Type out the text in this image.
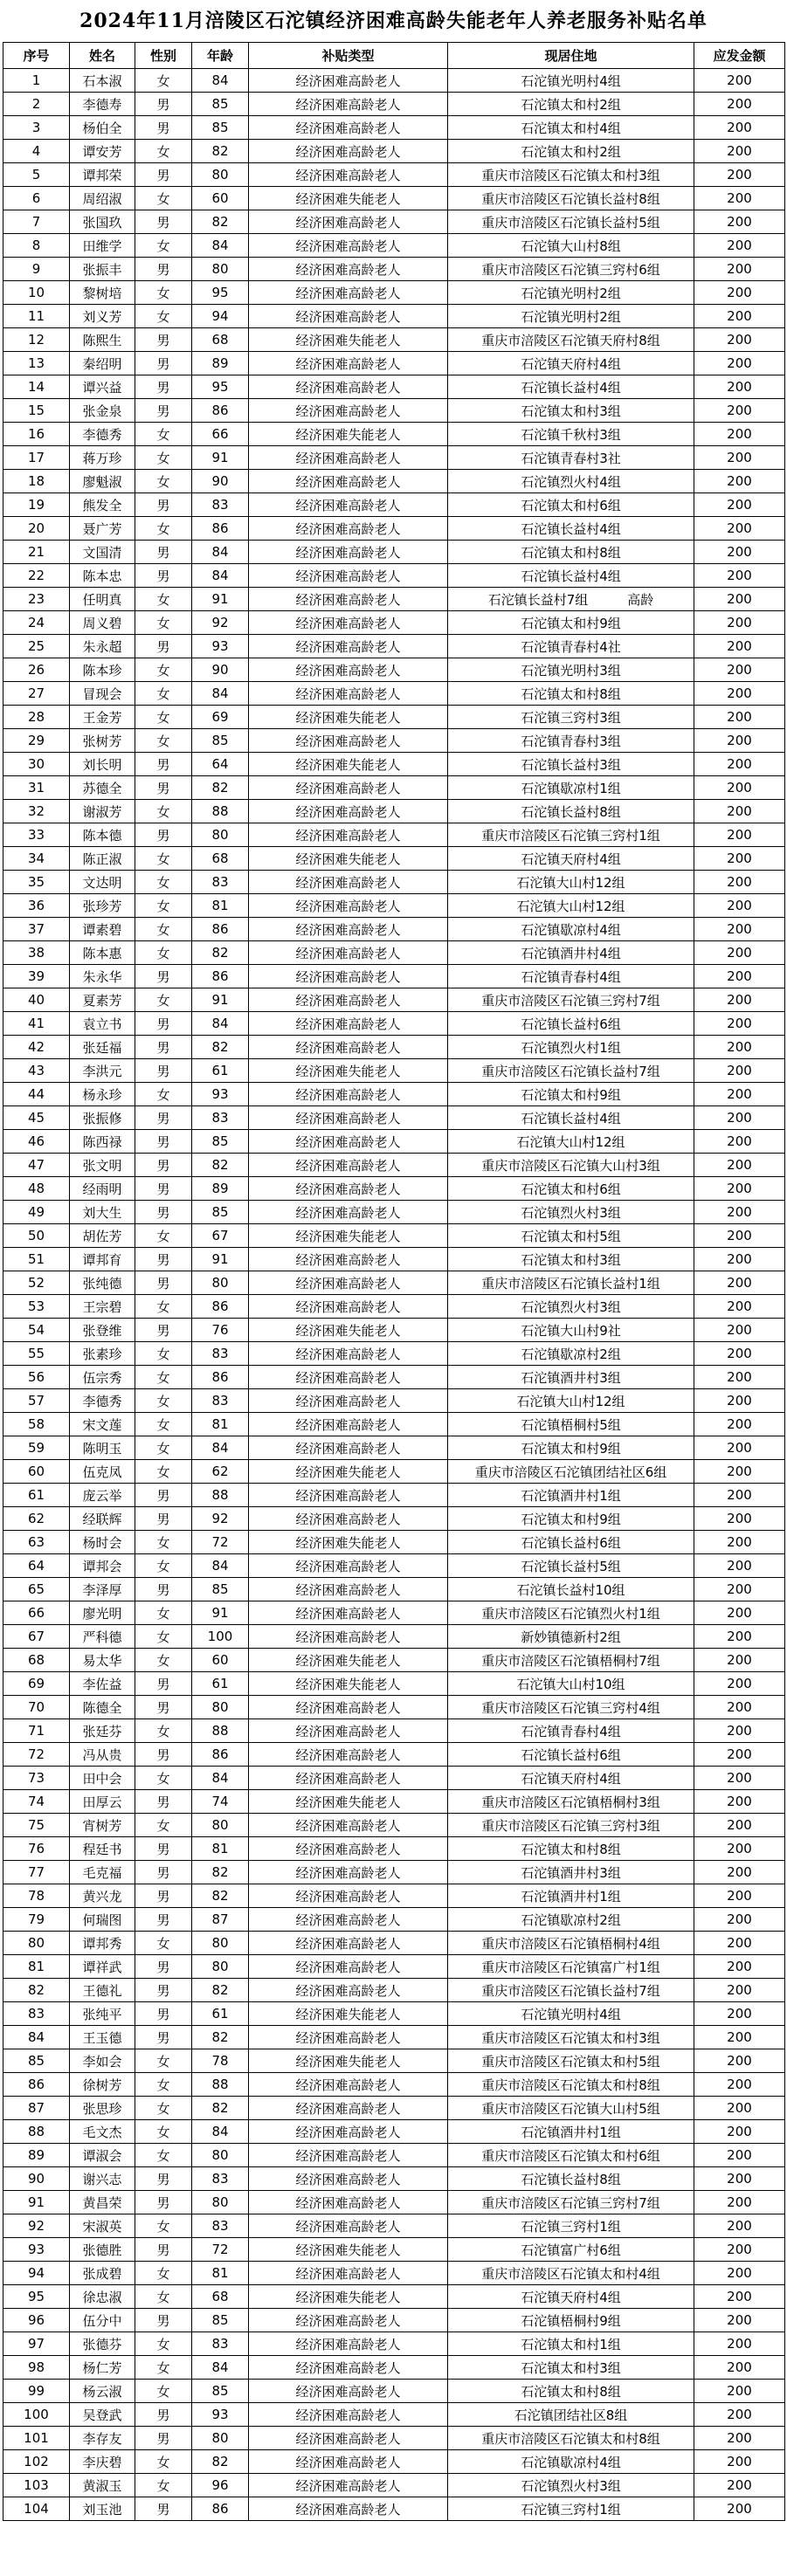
2024年11月涪陵区石沱镇经济困难高龄失能老年人养老服务补贴名单
序号	姓名	性别	年龄	补贴类型	现居住地	应发金额
1	石本淑	女	84	经济困难高龄老人	石沱镇光明村4组	200
2	李德寿	男	85	经济困难高龄老人	石沱镇太和村2组	200
3	杨伯全	男	85	经济困难高龄老人	石沱镇太和村4组	200
4	谭安芳	女	82	经济困难高龄老人	石沱镇太和村2组	200
5	谭邦荣	男	80	经济困难高龄老人	重庆市涪陵区石沱镇太和村3组	200
6	周绍淑	女	60	经济困难失能老人	重庆市涪陵区石沱镇长益村8组	200
7	张国玖	男	82	经济困难高龄老人	重庆市涪陵区石沱镇长益村5组	200
8	田维学	女	84	经济困难高龄老人	石沱镇大山村8组	200
9	张振丰	男	80	经济困难高龄老人	重庆市涪陵区石沱镇三窍村6组	200
10	黎树培	女	95	经济困难高龄老人	石沱镇光明村2组	200
11	刘义芳	女	94	经济困难高龄老人	石沱镇光明村2组	200
12	陈熙生	男	68	经济困难失能老人	重庆市涪陵区石沱镇天府村8组	200
13	秦绍明	男	89	经济困难高龄老人	石沱镇天府村4组	200
14	谭兴益	男	95	经济困难高龄老人	石沱镇长益村4组	200
15	张金泉	男	86	经济困难高龄老人	石沱镇太和村3组	200
16	李德秀	女	66	经济困难失能老人	石沱镇千秋村3组	200
17	蒋万珍	女	91	经济困难高龄老人	石沱镇青春村3社	200
18	廖魁淑	女	90	经济困难高龄老人	石沱镇烈火村4组	200
19	熊发全	男	83	经济困难高龄老人	石沱镇太和村6组	200
20	聂广芳	女	86	经济困难高龄老人	石沱镇长益村4组	200
21	文国清	男	84	经济困难高龄老人	石沱镇太和村8组	200
22	陈本忠	男	84	经济困难高龄老人	石沱镇长益村4组	200
23	任明真	女	91	经济困难高龄老人	石沱镇长益村7组　　　高龄	200
24	周义碧	女	92	经济困难高龄老人	石沱镇太和村9组	200
25	朱永超	男	93	经济困难高龄老人	石沱镇青春村4社	200
26	陈本珍	女	90	经济困难高龄老人	石沱镇光明村3组	200
27	冒现会	女	84	经济困难高龄老人	石沱镇太和村8组	200
28	王金芳	女	69	经济困难失能老人	石沱镇三窍村3组	200
29	张树芳	女	85	经济困难高龄老人	石沱镇青春村3组	200
30	刘长明	男	64	经济困难失能老人	石沱镇长益村3组	200
31	苏德全	男	82	经济困难高龄老人	石沱镇歇凉村1组	200
32	谢淑芳	女	88	经济困难高龄老人	石沱镇长益村8组	200
33	陈本德	男	80	经济困难高龄老人	重庆市涪陵区石沱镇三窍村1组	200
34	陈正淑	女	68	经济困难失能老人	石沱镇天府村4组	200
35	文达明	女	83	经济困难高龄老人	石沱镇大山村12组	200
36	张珍芳	女	81	经济困难高龄老人	石沱镇大山村12组	200
37	谭素碧	女	86	经济困难高龄老人	石沱镇歇凉村4组	200
38	陈本惠	女	82	经济困难高龄老人	石沱镇酒井村4组	200
39	朱永华	男	86	经济困难高龄老人	石沱镇青春村4组	200
40	夏素芳	女	91	经济困难高龄老人	重庆市涪陵区石沱镇三窍村7组	200
41	袁立书	男	84	经济困难高龄老人	石沱镇长益村6组	200
42	张廷福	男	82	经济困难高龄老人	石沱镇烈火村1组	200
43	李洪元	男	61	经济困难失能老人	重庆市涪陵区石沱镇长益村7组	200
44	杨永珍	女	93	经济困难高龄老人	石沱镇太和村9组	200
45	张振修	男	83	经济困难高龄老人	石沱镇长益村4组	200
46	陈西禄	男	85	经济困难高龄老人	石沱镇大山村12组	200
47	张文明	男	82	经济困难高龄老人	重庆市涪陵区石沱镇大山村3组	200
48	经雨明	男	89	经济困难高龄老人	石沱镇太和村6组	200
49	刘大生	男	85	经济困难高龄老人	石沱镇烈火村3组	200
50	胡佐芳	女	67	经济困难失能老人	石沱镇太和村5组	200
51	谭邦育	男	91	经济困难高龄老人	石沱镇太和村3组	200
52	张纯德	男	80	经济困难高龄老人	重庆市涪陵区石沱镇长益村1组	200
53	王宗碧	女	86	经济困难高龄老人	石沱镇烈火村3组	200
54	张登维	男	76	经济困难失能老人	石沱镇大山村9社	200
55	张素珍	女	83	经济困难高龄老人	石沱镇歇凉村2组	200
56	伍宗秀	女	86	经济困难高龄老人	石沱镇酒井村3组	200
57	李德秀	女	83	经济困难高龄老人	石沱镇大山村12组	200
58	宋文莲	女	81	经济困难高龄老人	石沱镇梧桐村5组	200
59	陈明玉	女	84	经济困难高龄老人	石沱镇太和村9组	200
60	伍克凤	女	62	经济困难失能老人	重庆市涪陵区石沱镇团结社区6组	200
61	庞云举	男	88	经济困难高龄老人	石沱镇酒井村1组	200
62	经联辉	男	92	经济困难高龄老人	石沱镇太和村9组	200
63	杨时会	女	72	经济困难失能老人	石沱镇长益村6组	200
64	谭邦会	女	84	经济困难高龄老人	石沱镇长益村5组	200
65	李泽厚	男	85	经济困难高龄老人	石沱镇长益村10组	200
66	廖光明	女	91	经济困难高龄老人	重庆市涪陵区石沱镇烈火村1组	200
67	严科德	女	100	经济困难高龄老人	新妙镇德新村2组	200
68	易太华	女	60	经济困难失能老人	重庆市涪陵区石沱镇梧桐村7组	200
69	李佐益	男	61	经济困难失能老人	石沱镇大山村10组	200
70	陈德全	男	80	经济困难高龄老人	重庆市涪陵区石沱镇三窍村4组	200
71	张廷芬	女	88	经济困难高龄老人	石沱镇青春村4组	200
72	冯从贵	男	86	经济困难高龄老人	石沱镇长益村6组	200
73	田中会	女	84	经济困难高龄老人	石沱镇天府村4组	200
74	田厚云	男	74	经济困难失能老人	重庆市涪陵区石沱镇梧桐村3组	200
75	宵树芳	女	80	经济困难高龄老人	重庆市涪陵区石沱镇三窍村3组	200
76	程廷书	男	81	经济困难高龄老人	石沱镇太和村8组	200
77	毛克福	男	82	经济困难高龄老人	石沱镇酒井村3组	200
78	黄兴龙	男	82	经济困难高龄老人	石沱镇酒井村1组	200
79	何瑞图	男	87	经济困难高龄老人	石沱镇歇凉村2组	200
80	谭邦秀	女	80	经济困难高龄老人	重庆市涪陵区石沱镇梧桐村4组	200
81	谭祥武	男	80	经济困难高龄老人	重庆市涪陵区石沱镇富广村1组	200
82	王德礼	男	82	经济困难高龄老人	重庆市涪陵区石沱镇长益村7组	200
83	张纯平	男	61	经济困难失能老人	石沱镇光明村4组	200
84	王玉德	男	82	经济困难高龄老人	重庆市涪陵区石沱镇太和村3组	200
85	李如会	女	78	经济困难失能老人	重庆市涪陵区石沱镇太和村5组	200
86	徐树芳	女	88	经济困难高龄老人	重庆市涪陵区石沱镇太和村8组	200
87	张思珍	女	82	经济困难高龄老人	重庆市涪陵区石沱镇大山村5组	200
88	毛文杰	女	84	经济困难高龄老人	石沱镇酒井村1组	200
89	谭淑会	女	80	经济困难高龄老人	重庆市涪陵区石沱镇太和村6组	200
90	谢兴志	男	83	经济困难高龄老人	石沱镇长益村8组	200
91	黄昌荣	男	80	经济困难高龄老人	重庆市涪陵区石沱镇三窍村7组	200
92	宋淑英	女	83	经济困难高龄老人	石沱镇三窍村1组	200
93	张德胜	男	72	经济困难失能老人	石沱镇富广村6组	200
94	张成碧	女	81	经济困难高龄老人	重庆市涪陵区石沱镇太和村4组	200
95	徐忠淑	女	68	经济困难失能老人	石沱镇天府村4组	200
96	伍分中	男	85	经济困难高龄老人	石沱镇梧桐村9组	200
97	张德芬	女	83	经济困难高龄老人	石沱镇太和村1组	200
98	杨仁芳	女	84	经济困难高龄老人	石沱镇太和村3组	200
99	杨云淑	女	85	经济困难高龄老人	石沱镇太和村8组	200
100	吴登武	男	93	经济困难高龄老人	石沱镇团结社区8组	200
101	李存友	男	80	经济困难高龄老人	重庆市涪陵区石沱镇太和村8组	200
102	李庆碧	女	82	经济困难高龄老人	石沱镇歇凉村4组	200
103	黄淑玉	女	96	经济困难高龄老人	石沱镇烈火村3组	200
104	刘玉池	男	86	经济困难高龄老人	石沱镇三窍村1组	200
